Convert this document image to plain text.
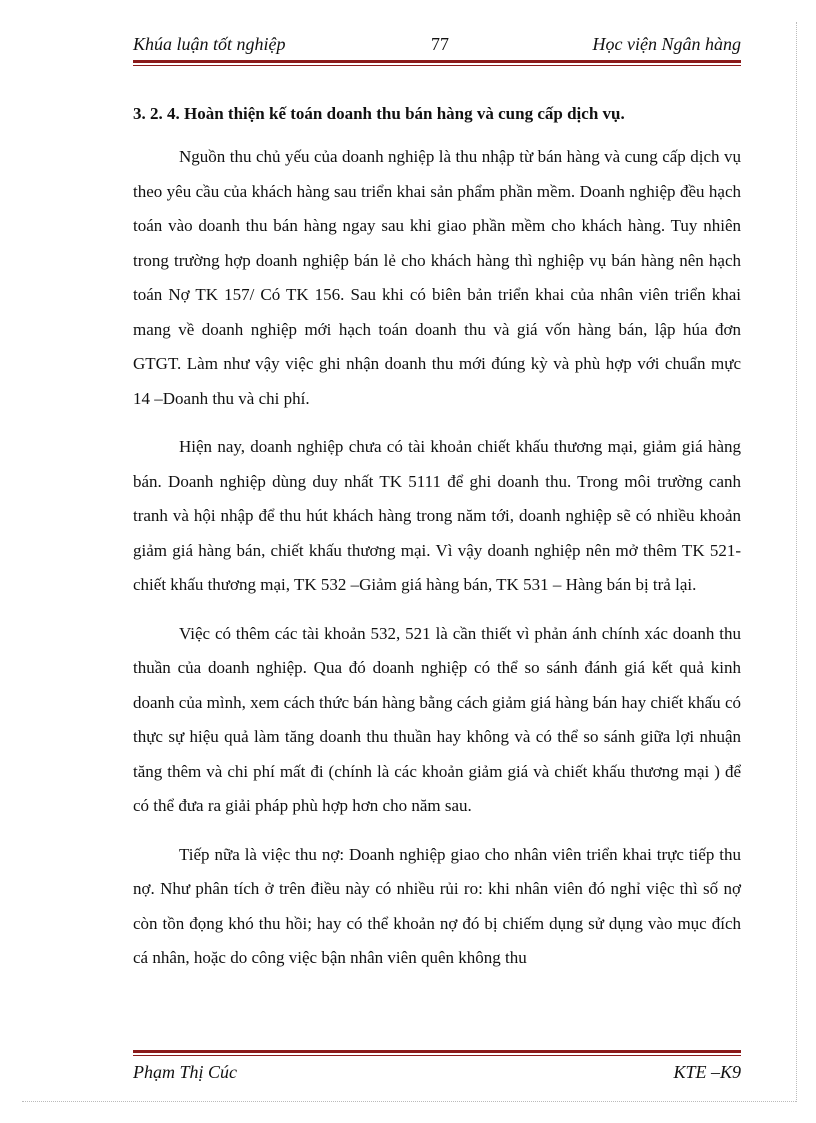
Khúa luận tốt nghiệp	77	Học viện Ngân hàng

3. 2. 4. Hoàn thiện kế toán doanh thu bán hàng và cung cấp dịch vụ.

Nguồn thu chủ yếu của doanh nghiệp là thu nhập từ bán hàng và cung cấp dịch vụ theo yêu cầu của khách hàng sau triển khai sản phẩm phần mềm. Doanh nghiệp đều hạch toán vào doanh thu bán hàng ngay sau khi giao phần mềm cho khách hàng. Tuy nhiên trong trường hợp doanh nghiệp bán lẻ cho khách hàng thì nghiệp vụ bán hàng nên hạch toán Nợ TK 157/ Có TK 156. Sau khi có biên bản triển khai của nhân viên triển khai mang về doanh nghiệp mới hạch toán doanh thu và giá vốn hàng bán, lập húa đơn GTGT. Làm như vậy việc ghi nhận doanh thu mới đúng kỳ và phù hợp với chuẩn mực 14 –Doanh thu và chi phí.

Hiện nay, doanh nghiệp chưa có tài khoản chiết khấu thương mại, giảm giá hàng bán. Doanh nghiệp dùng duy nhất TK 5111 để ghi doanh thu. Trong môi trường canh tranh và hội nhập để thu hút khách hàng trong năm tới, doanh nghiệp sẽ có nhiều khoản giảm giá hàng bán, chiết khấu thương mại. Vì vậy doanh nghiệp nên mở thêm TK 521- chiết khấu thương mại, TK 532 –Giảm giá hàng bán, TK 531 – Hàng bán bị trả lại.

Việc có thêm các tài khoản 532, 521 là cần thiết vì phản ánh chính xác doanh thu thuần của doanh nghiệp. Qua đó doanh nghiệp có thể so sánh đánh giá kết quả kinh doanh của mình, xem cách thức bán hàng bằng cách giảm giá hàng bán hay chiết khấu có thực sự hiệu quả làm tăng doanh thu thuần hay không và có thể so sánh giữa lợi nhuận tăng thêm và chi phí mất đi (chính là các khoản giảm giá và chiết khấu thương mại ) để có thể đưa ra giải pháp phù hợp hơn cho năm sau.

Tiếp nữa là việc thu nợ: Doanh nghiệp giao cho nhân viên triển khai trực tiếp thu nợ. Như phân tích ở trên điều này có nhiều rủi ro: khi nhân viên đó nghỉ việc thì số nợ còn tồn đọng khó thu hồi; hay có thể khoản nợ đó bị chiếm dụng sử dụng vào mục đích cá nhân, hoặc do công việc bận nhân viên quên không thu

Phạm Thị Cúc	KTE –K9
